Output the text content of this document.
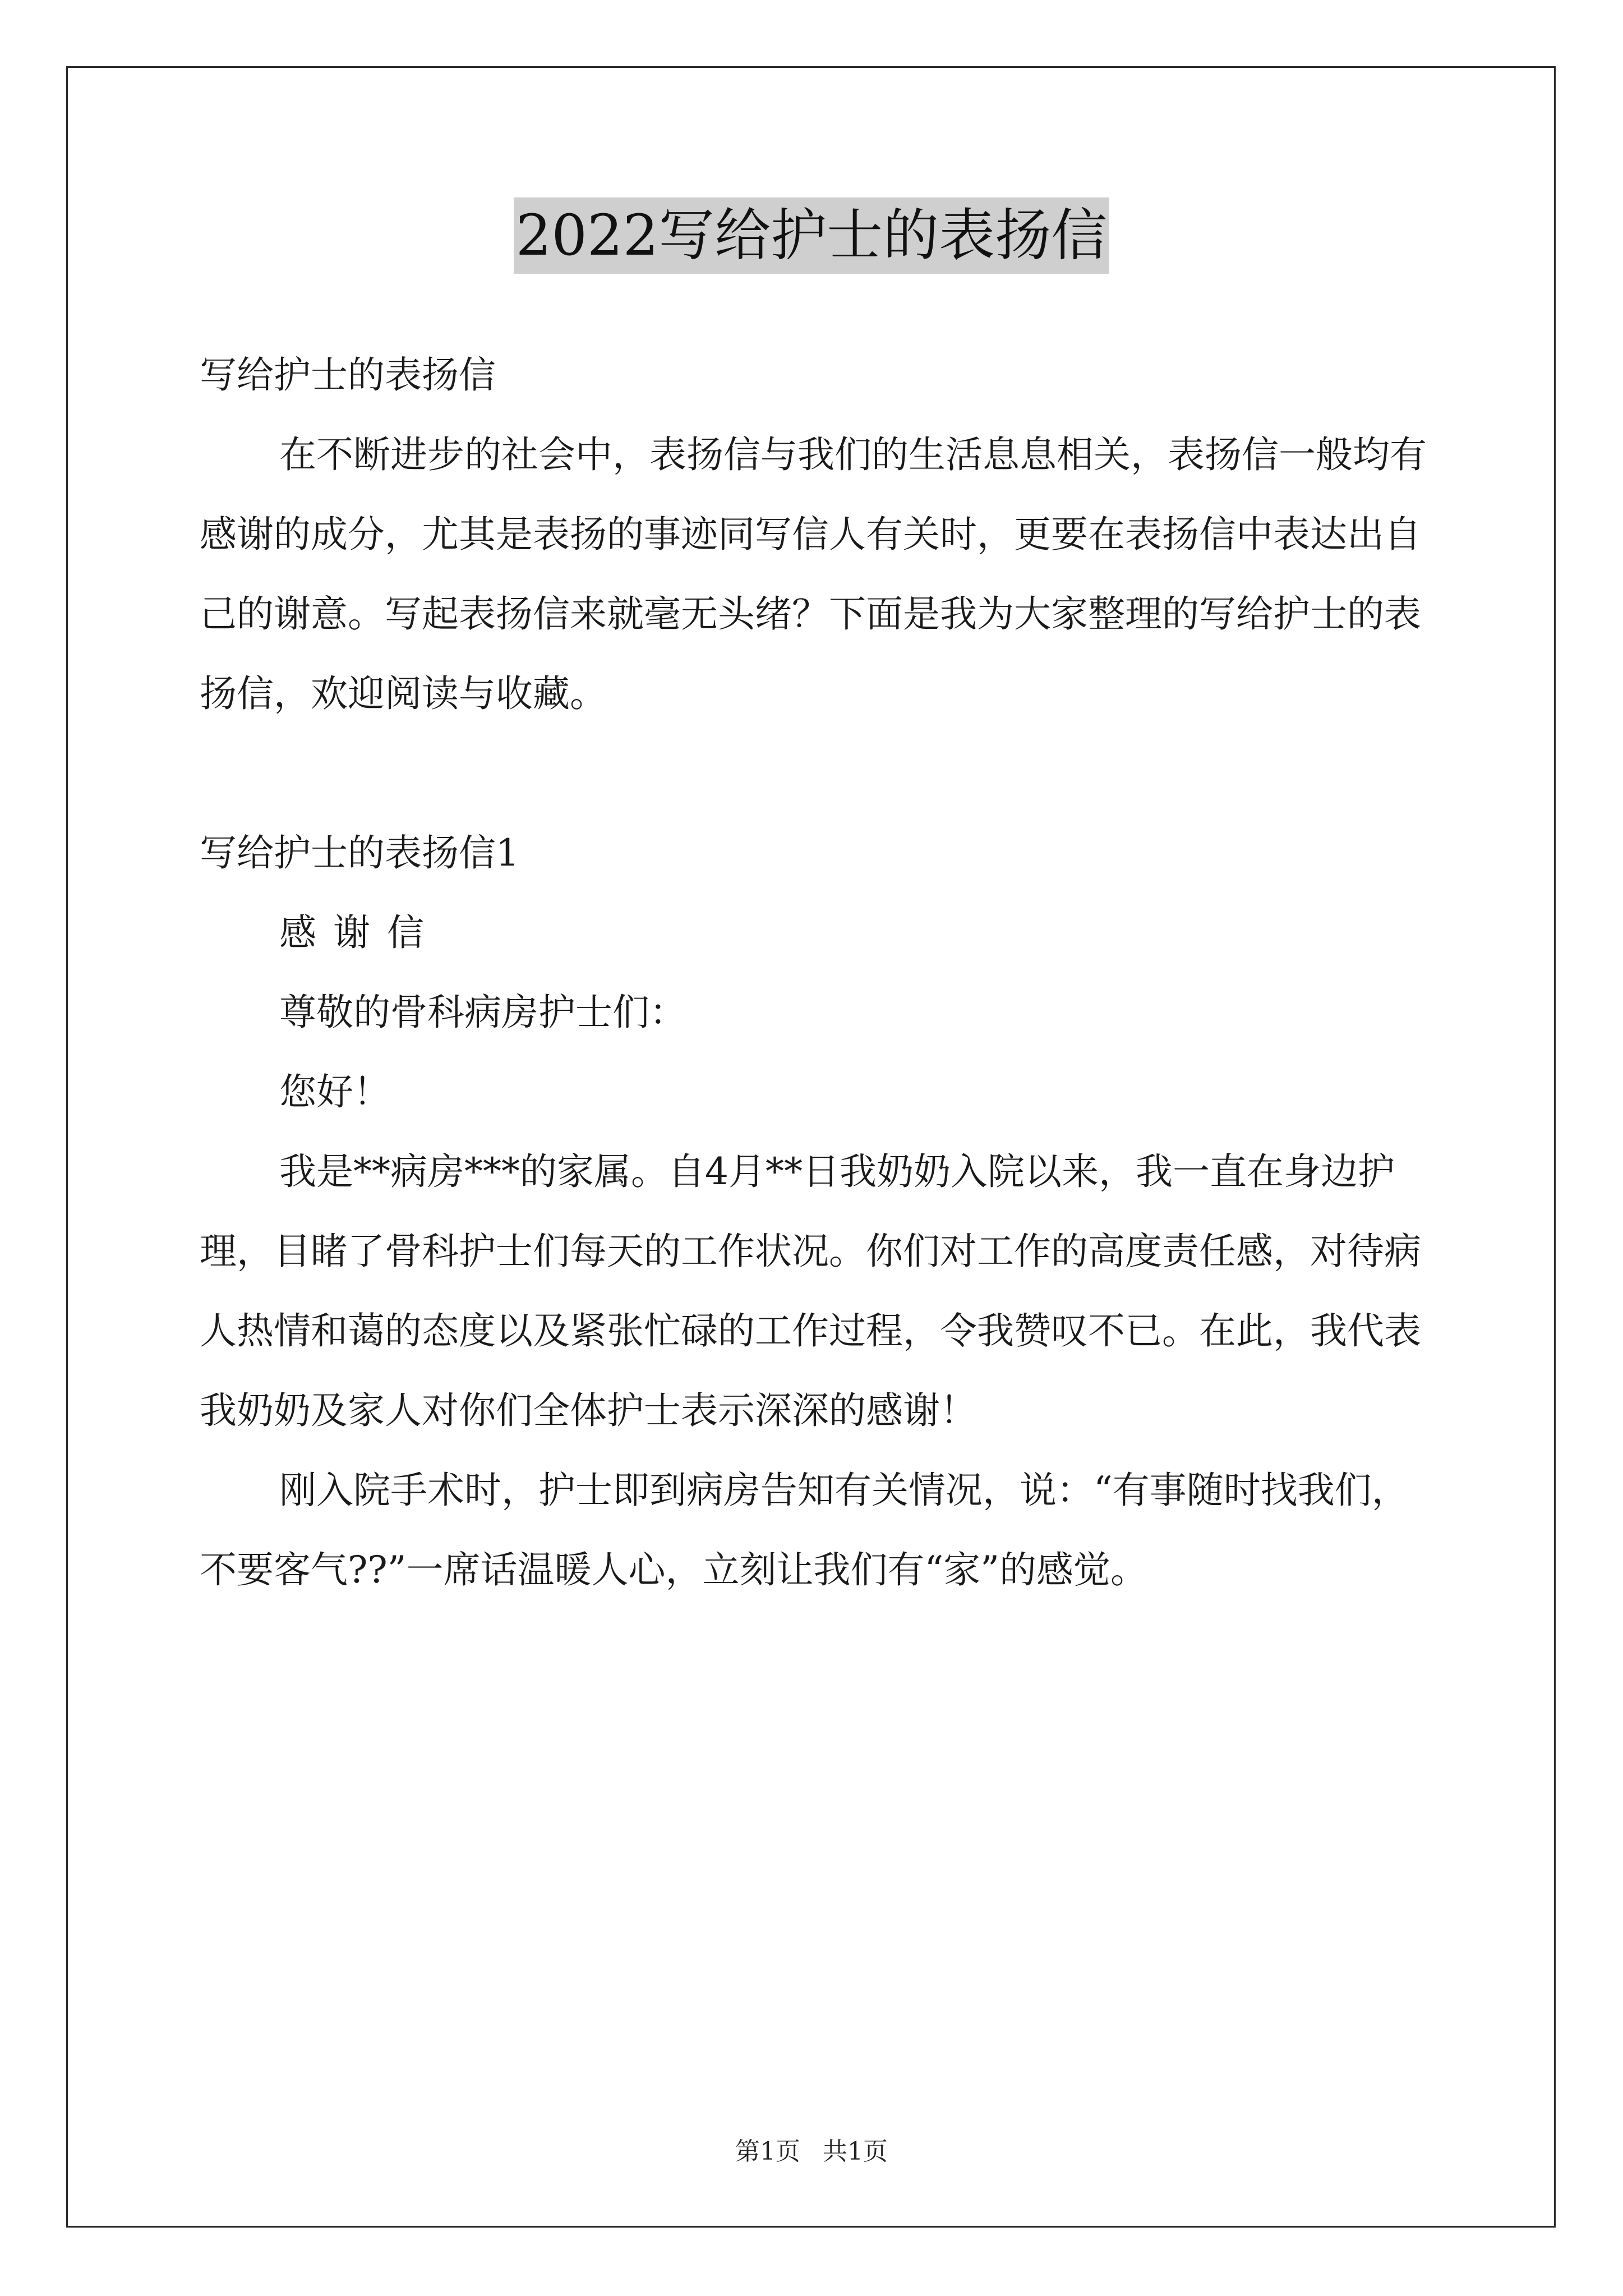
2022写给护士的表扬信

写给护士的表扬信

在不断进步的社会中，表扬信与我们的生活息息相关，表扬信一般均有感谢的成分，尤其是表扬的事迹同写信人有关时，更要在表扬信中表达出自己的谢意。写起表扬信来就毫无头绪？下面是我为大家整理的写给护士的表扬信，欢迎阅读与收藏。

写给护士的表扬信1

感谢信

尊敬的骨科病房护士们：

您好！

我是**病房***的家属。自4月**日我奶奶入院以来，我一直在身边护理，目睹了骨科护士们每天的工作状况。你们对工作的高度责任感，对待病人热情和蔼的态度以及紧张忙碌的工作过程，令我赞叹不已。在此，我代表我奶奶及家人对你们全体护士表示深深的感谢！

刚入院手术时，护士即到病房告知有关情况，说：“有事随时找我们，不要客气??”一席话温暖人心，立刻让我们有“家”的感觉。

第1页 共1页
